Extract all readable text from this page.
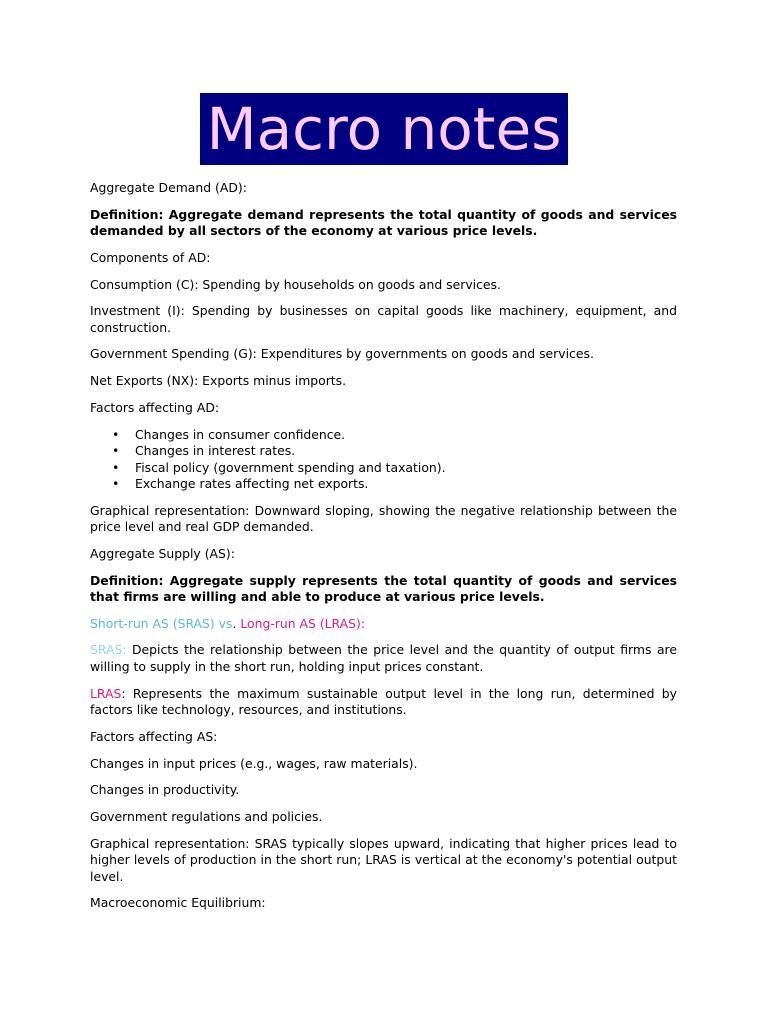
Macro notes

Aggregate Demand (AD):

Definition: Aggregate demand represents the total quantity of goods and services demanded by all sectors of the economy at various price levels.

Components of AD:

Consumption (C): Spending by households on goods and services.

Investment (I): Spending by businesses on capital goods like machinery, equipment, and construction.

Government Spending (G): Expenditures by governments on goods and services.

Net Exports (NX): Exports minus imports.

Factors affecting AD:

• Changes in consumer confidence.
• Changes in interest rates.
• Fiscal policy (government spending and taxation).
• Exchange rates affecting net exports.

Graphical representation: Downward sloping, showing the negative relationship between the price level and real GDP demanded.

Aggregate Supply (AS):

Definition: Aggregate supply represents the total quantity of goods and services that firms are willing and able to produce at various price levels.

Short-run AS (SRAS) vs. Long-run AS (LRAS):

SRAS: Depicts the relationship between the price level and the quantity of output firms are willing to supply in the short run, holding input prices constant.

LRAS: Represents the maximum sustainable output level in the long run, determined by factors like technology, resources, and institutions.

Factors affecting AS:

Changes in input prices (e.g., wages, raw materials).

Changes in productivity.

Government regulations and policies.

Graphical representation: SRAS typically slopes upward, indicating that higher prices lead to higher levels of production in the short run; LRAS is vertical at the economy's potential output level.

Macroeconomic Equilibrium:
